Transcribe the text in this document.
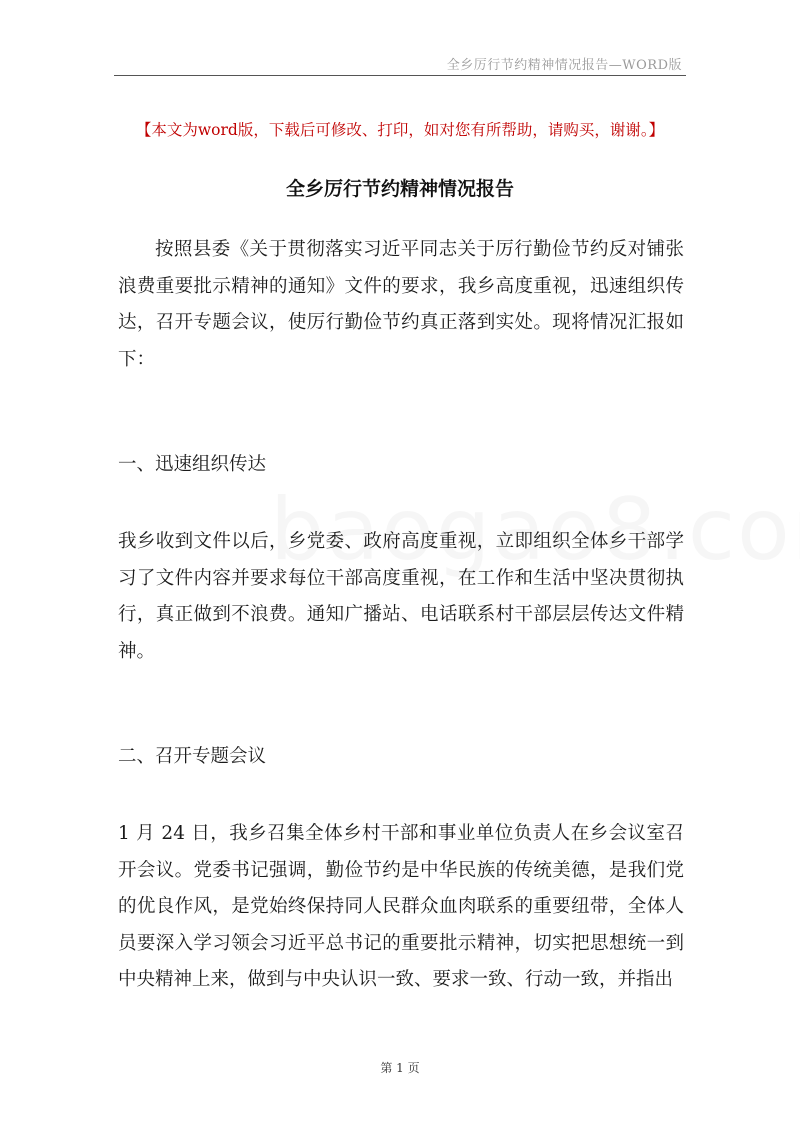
全乡厉行节约精神情况报告—WORD版
【本文为word版，下载后可修改、打印，如对您有所帮助，请购买，谢谢。】
全乡厉行节约精神情况报告

按照县委《关于贯彻落实习近平同志关于厉行勤俭节约反对铺张浪费重要批示精神的通知》文件的要求，我乡高度重视，迅速组织传达，召开专题会议，使厉行勤俭节约真正落到实处。现将情况汇报如下：

一、迅速组织传达

我乡收到文件以后，乡党委、政府高度重视，立即组织全体乡干部学习了文件内容并要求每位干部高度重视，在工作和生活中坚决贯彻执行，真正做到不浪费。通知广播站、电话联系村干部层层传达文件精神。

二、召开专题会议

1 月 24 日，我乡召集全体乡村干部和事业单位负责人在乡会议室召开会议。党委书记强调，勤俭节约是中华民族的传统美德，是我们党的优良作风，是党始终保持同人民群众血肉联系的重要纽带，全体人员要深入学习领会习近平总书记的重要批示精神，切实把思想统一到中央精神上来，做到与中央认识一致、要求一致、行动一致，并指出

第 1 页
